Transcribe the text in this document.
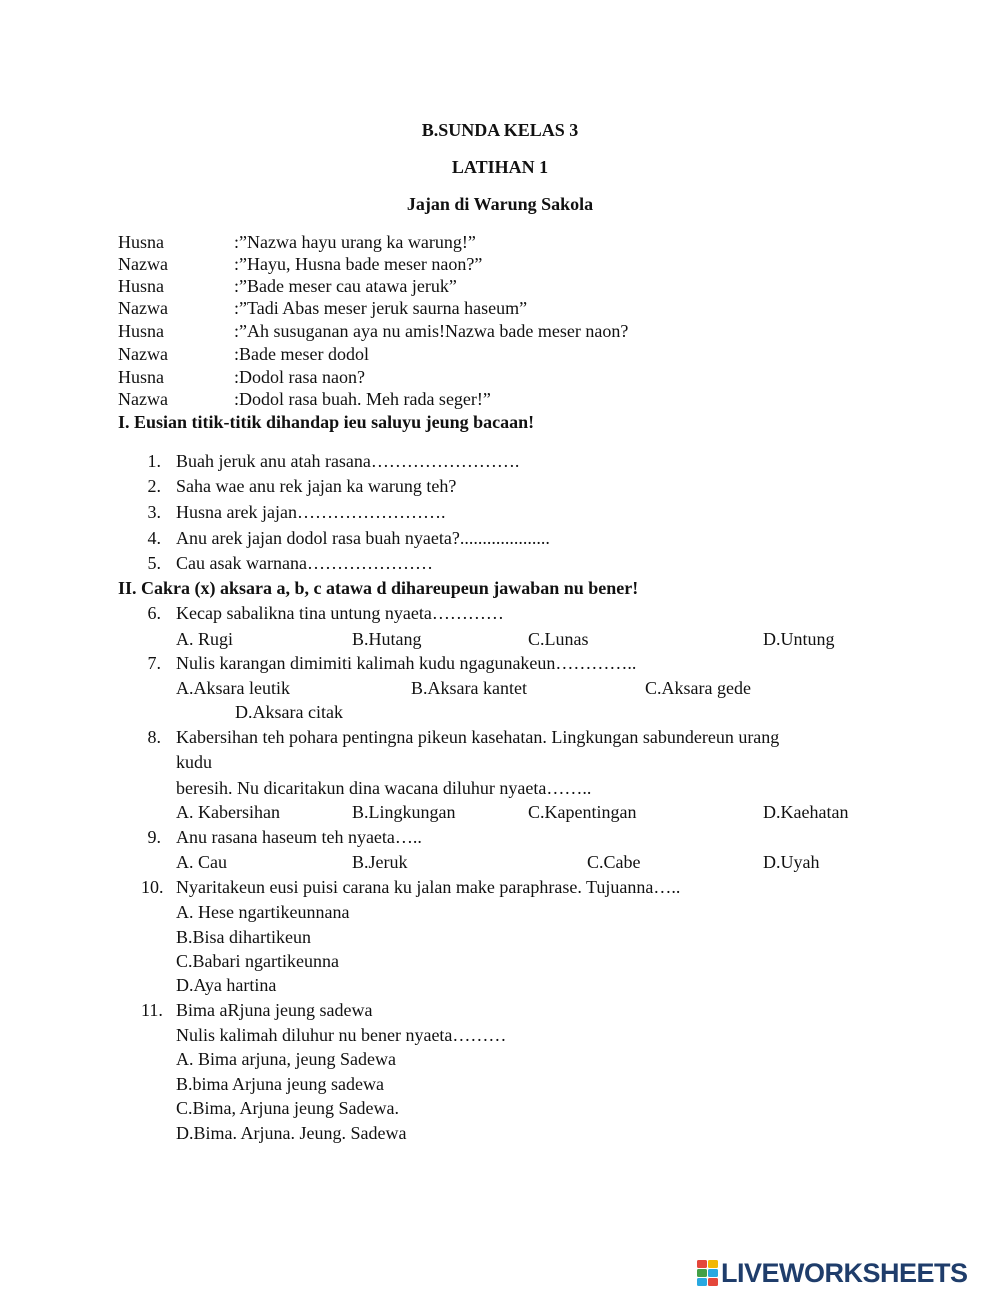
B.SUNDA KELAS 3
LATIHAN 1
Jajan di Warung Sakola
Husna	:”Nazwa hayu urang ka warung!”
Nazwa	:”Hayu, Husna bade meser naon?”
Husna	:”Bade meser cau atawa jeruk”
Nazwa	:”Tadi Abas meser jeruk saurna haseum”
Husna	:”Ah susuganan aya nu amis!Nazwa bade meser naon?
Nazwa	:Bade meser dodol
Husna	:Dodol rasa naon?
Nazwa	:Dodol rasa buah. Meh rada seger!”
I. Eusian titik-titik dihandap ieu saluyu jeung bacaan!
1. Buah jeruk anu atah rasana…………………….
2. Saha wae anu rek jajan ka warung teh?
3. Husna arek jajan…………………….
4. Anu arek jajan dodol rasa buah nyaeta?....................
5. Cau asak warnana…………………
II. Cakra (x) aksara a, b, c atawa d dihareupeun jawaban nu bener!
6. Kecap sabalikna tina untung nyaeta…………
A. Rugi	B.Hutang	C.Lunas	D.Untung
7. Nulis karangan dimimiti kalimah kudu ngagunakeun…………..
A.Aksara leutik	B.Aksara kantet	C.Aksara gede
D.Aksara citak
8. Kabersihan teh pohara pentingna pikeun kasehatan. Lingkungan sabundereun urang
kudu
beresih. Nu dicaritakun dina wacana diluhur nyaeta……..
A. Kabersihan	B.Lingkungan	C.Kapentingan	D.Kaehatan
9. Anu rasana haseum teh nyaeta…..
A. Cau	B.Jeruk	C.Cabe	D.Uyah
10. Nyaritakeun eusi puisi carana ku jalan make paraphrase. Tujuanna…..
A. Hese ngartikeunnana
B.Bisa dihartikeun
C.Babari ngartikeunna
D.Aya hartina
11. Bima aRjuna jeung sadewa
Nulis kalimah diluhur nu bener nyaeta………
A. Bima arjuna, jeung Sadewa
B.bima Arjuna jeung sadewa
C.Bima, Arjuna jeung Sadewa.
D.Bima. Arjuna. Jeung. Sadewa
LIVEWORKSHEETS
